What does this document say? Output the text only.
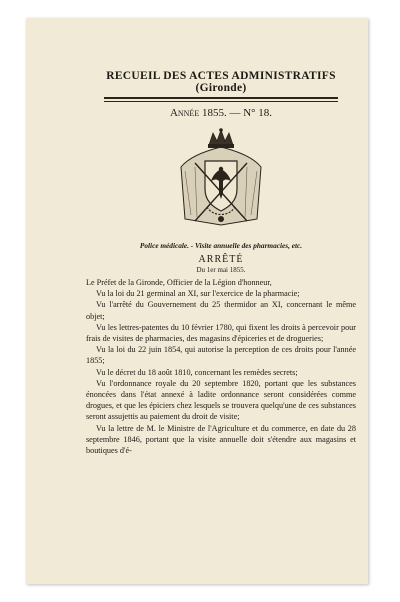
RECUEIL DES ACTES ADMINISTRATIFS (Gironde)
Année 1855. — N° 18.
Police médicale. - Visite annuelle des pharmacies, etc.
ARRÊTÉ
Du 1er mai 1855.

Le Préfet de la Gironde, Officier de la Légion d'honneur,

Vu la loi du 21 germinal an XI, sur l'exercice de la pharmacie;

Vu l'arrêté du Gouvernement du 25 thermidor an XI, concernant le même objet;

Vu les lettres-patentes du 10 février 1780, qui fixent les droits à percevoir pour frais de visites de pharmacies, des magasins d'épiceries et de drogueries;

Vu la loi du 22 juin 1854, qui autorise la perception de ces droits pour l'année 1855;

Vu le décret du 18 août 1810, concernant les remèdes secrets;

Vu l'ordonnance royale du 20 septembre 1820, portant que les substances énoncées dans l'état annexé à ladite ordonnance seront considérées comme drogues, et que les épiciers chez lesquels se trouvera quelqu'une de ces substances seront assujettis au paiement du droit de visite;

Vu la lettre de M. le Ministre de l'Agriculture et du commerce, en date du 28 septembre 1846, portant que la visite annuelle doit s'étendre aux magasins et boutiques d'é-
